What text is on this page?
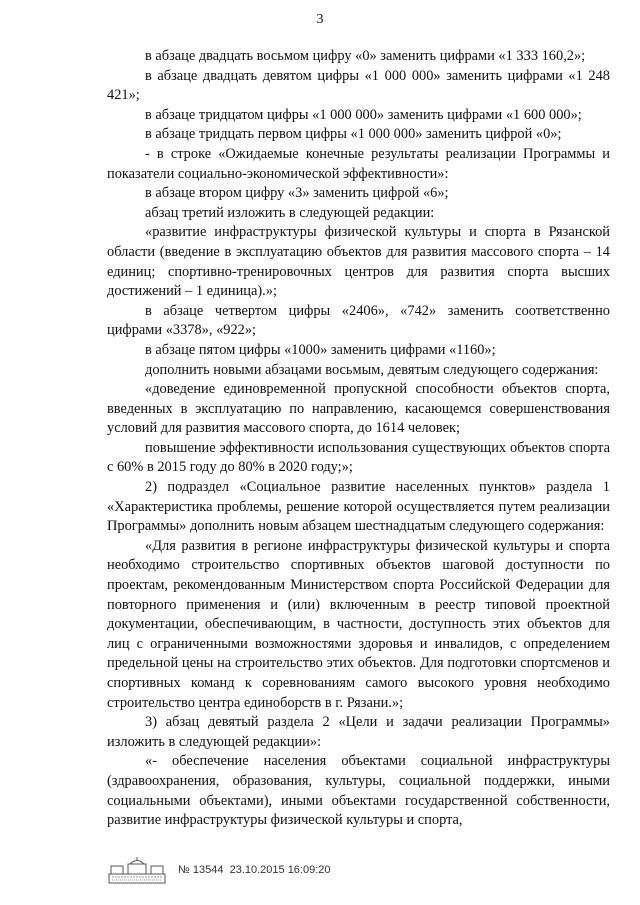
3

в абзаце двадцать восьмом цифру «0» заменить цифрами «1 333 160,2»;

в абзаце двадцать девятом цифры «1 000 000» заменить цифрами «1 248 421»;

в абзаце тридцатом цифры «1 000 000» заменить цифрами «1 600 000»;

в абзаце тридцать первом цифры «1 000 000» заменить цифрой «0»;

- в строке «Ожидаемые конечные результаты реализации Программы и показатели социально-экономической эффективности»:

в абзаце втором цифру «3» заменить цифрой «6»;

абзац третий изложить в следующей редакции:

«развитие инфраструктуры физической культуры и спорта в Рязанской области (введение в эксплуатацию объектов для развития массового спорта – 14 единиц; спортивно-тренировочных центров для развития спорта высших достижений – 1 единица).»;

в абзаце четвертом цифры «2406», «742» заменить соответственно цифрами «3378», «922»;

в абзаце пятом цифры «1000» заменить цифрами «1160»;

дополнить новыми абзацами восьмым, девятым следующего содержания:

«доведение единовременной пропускной способности объектов спорта, введенных в эксплуатацию по направлению, касающемся совершенствования условий для развития массового спорта, до 1614 человек;

повышение эффективности использования существующих объектов спорта с 60% в 2015 году до 80% в 2020 году;»;

2) подраздел «Социальное развитие населенных пунктов» раздела 1 «Характеристика проблемы, решение которой осуществляется путем реализации Программы» дополнить новым абзацем шестнадцатым следующего содержания:

«Для развития в регионе инфраструктуры физической культуры и спорта необходимо строительство спортивных объектов шаговой доступности по проектам, рекомендованным Министерством спорта Российской Федерации для повторного применения и (или) включенным в реестр типовой проектной документации, обеспечивающим, в частности, доступность этих объектов для лиц с ограниченными возможностями здоровья и инвалидов, с определением предельной цены на строительство этих объектов. Для подготовки спортсменов и спортивных команд к соревнованиям самого высокого уровня необходимо строительство центра единоборств в г. Рязани.»;

3) абзац девятый раздела 2 «Цели и задачи реализации Программы» изложить в следующей редакции»:

«- обеспечение населения объектами социальной инфраструктуры (здравоохранения, образования, культуры, социальной поддержки, иными социальными объектами), иными объектами государственной собственности, развитие инфраструктуры физической культуры и спорта,

№ 13544 23.10.2015 16:09:20
